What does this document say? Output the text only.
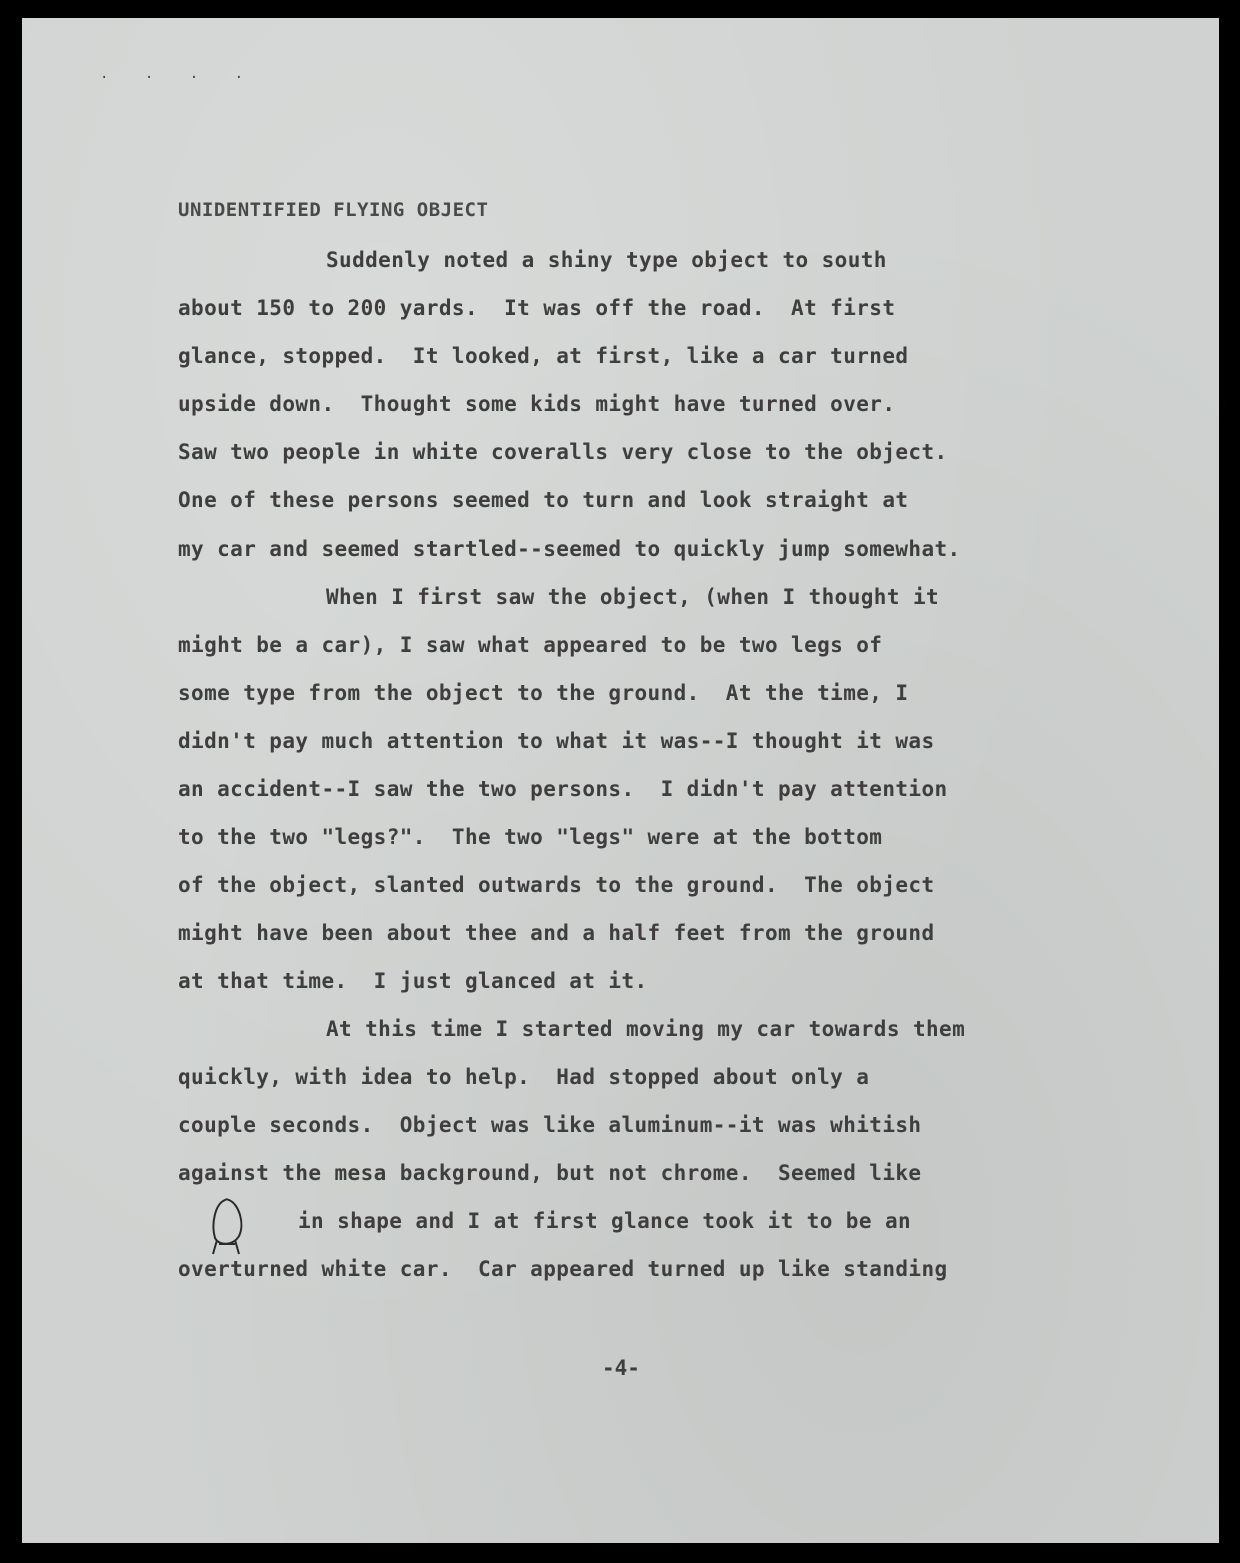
· · · ·
UNIDENTIFIED FLYING OBJECT
Suddenly noted a shiny type object to south
about 150 to 200 yards.  It was off the road.  At first
glance, stopped.  It looked, at first, like a car turned
upside down.  Thought some kids might have turned over.
Saw two people in white coveralls very close to the object.
One of these persons seemed to turn and look straight at
my car and seemed startled--seemed to quickly jump somewhat.
When I first saw the object, (when I thought it
might be a car), I saw what appeared to be two legs of
some type from the object to the ground.  At the time, I
didn't pay much attention to what it was--I thought it was
an accident--I saw the two persons.  I didn't pay attention
to the two "legs?".  The two "legs" were at the bottom
of the object, slanted outwards to the ground.  The object
might have been about thee and a half feet from the ground
at that time.  I just glanced at it.
At this time I started moving my car towards them
quickly, with idea to help.  Had stopped about only a
couple seconds.  Object was like aluminum--it was whitish
against the mesa background, but not chrome.  Seemed like
in shape and I at first glance took it to be an
overturned white car.  Car appeared turned up like standing
-4-
